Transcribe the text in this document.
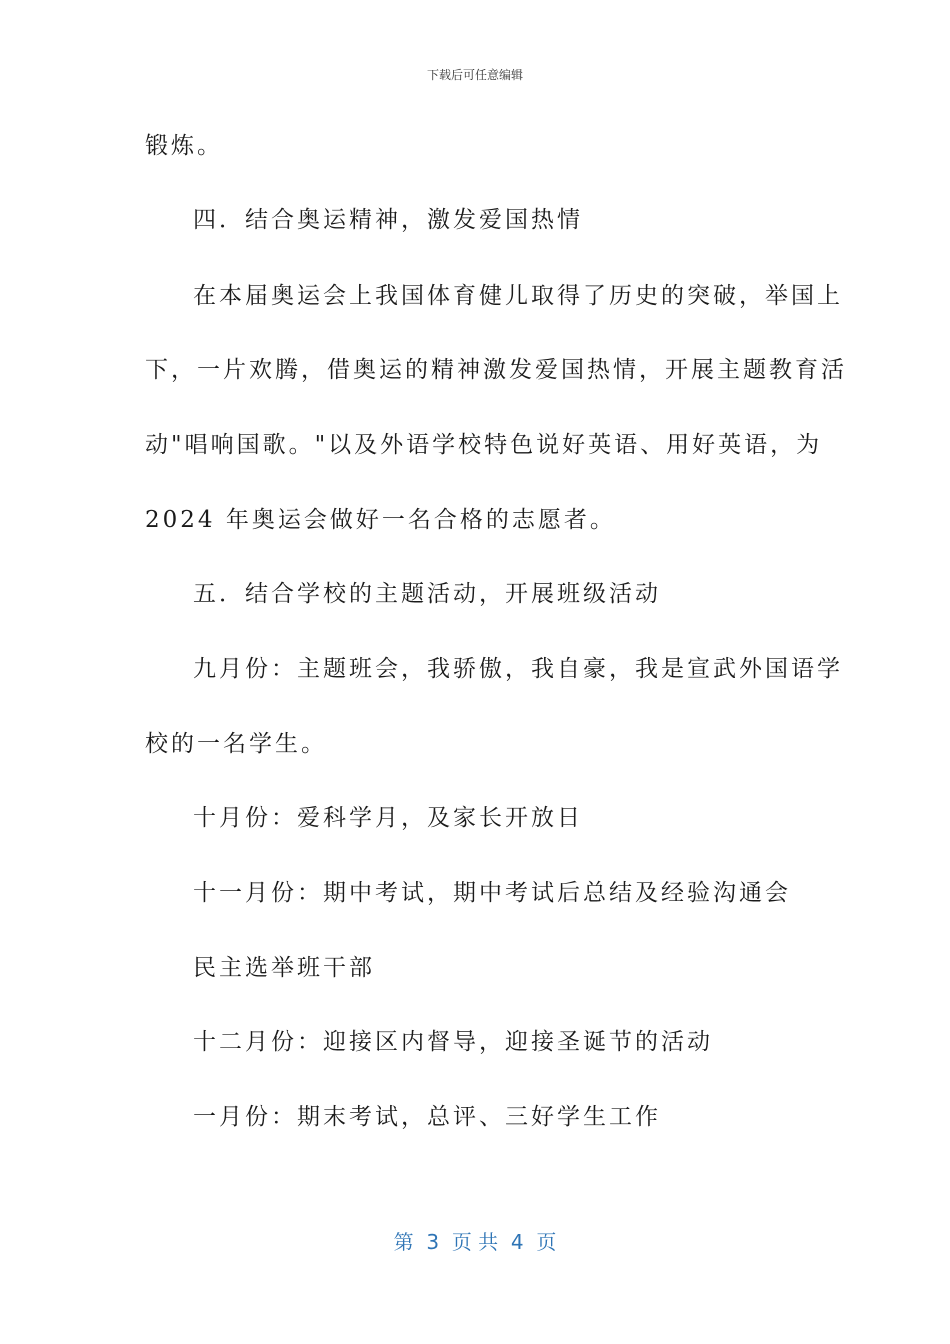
下载后可任意编辑
锻炼。
四．结合奥运精神，激发爱国热情
在本届奥运会上我国体育健儿取得了历史的突破，举国上
下，一片欢腾，借奥运的精神激发爱国热情，开展主题教育活
动"唱响国歌。"以及外语学校特色说好英语、用好英语，为
2024 年奥运会做好一名合格的志愿者。
五．结合学校的主题活动，开展班级活动
九月份：主题班会，我骄傲，我自豪，我是宣武外国语学
校的一名学生。
十月份：爱科学月，及家长开放日
十一月份：期中考试，期中考试后总结及经验沟通会
民主选举班干部
十二月份：迎接区内督导，迎接圣诞节的活动
一月份：期末考试，总评、三好学生工作
第 3 页 共 4 页
